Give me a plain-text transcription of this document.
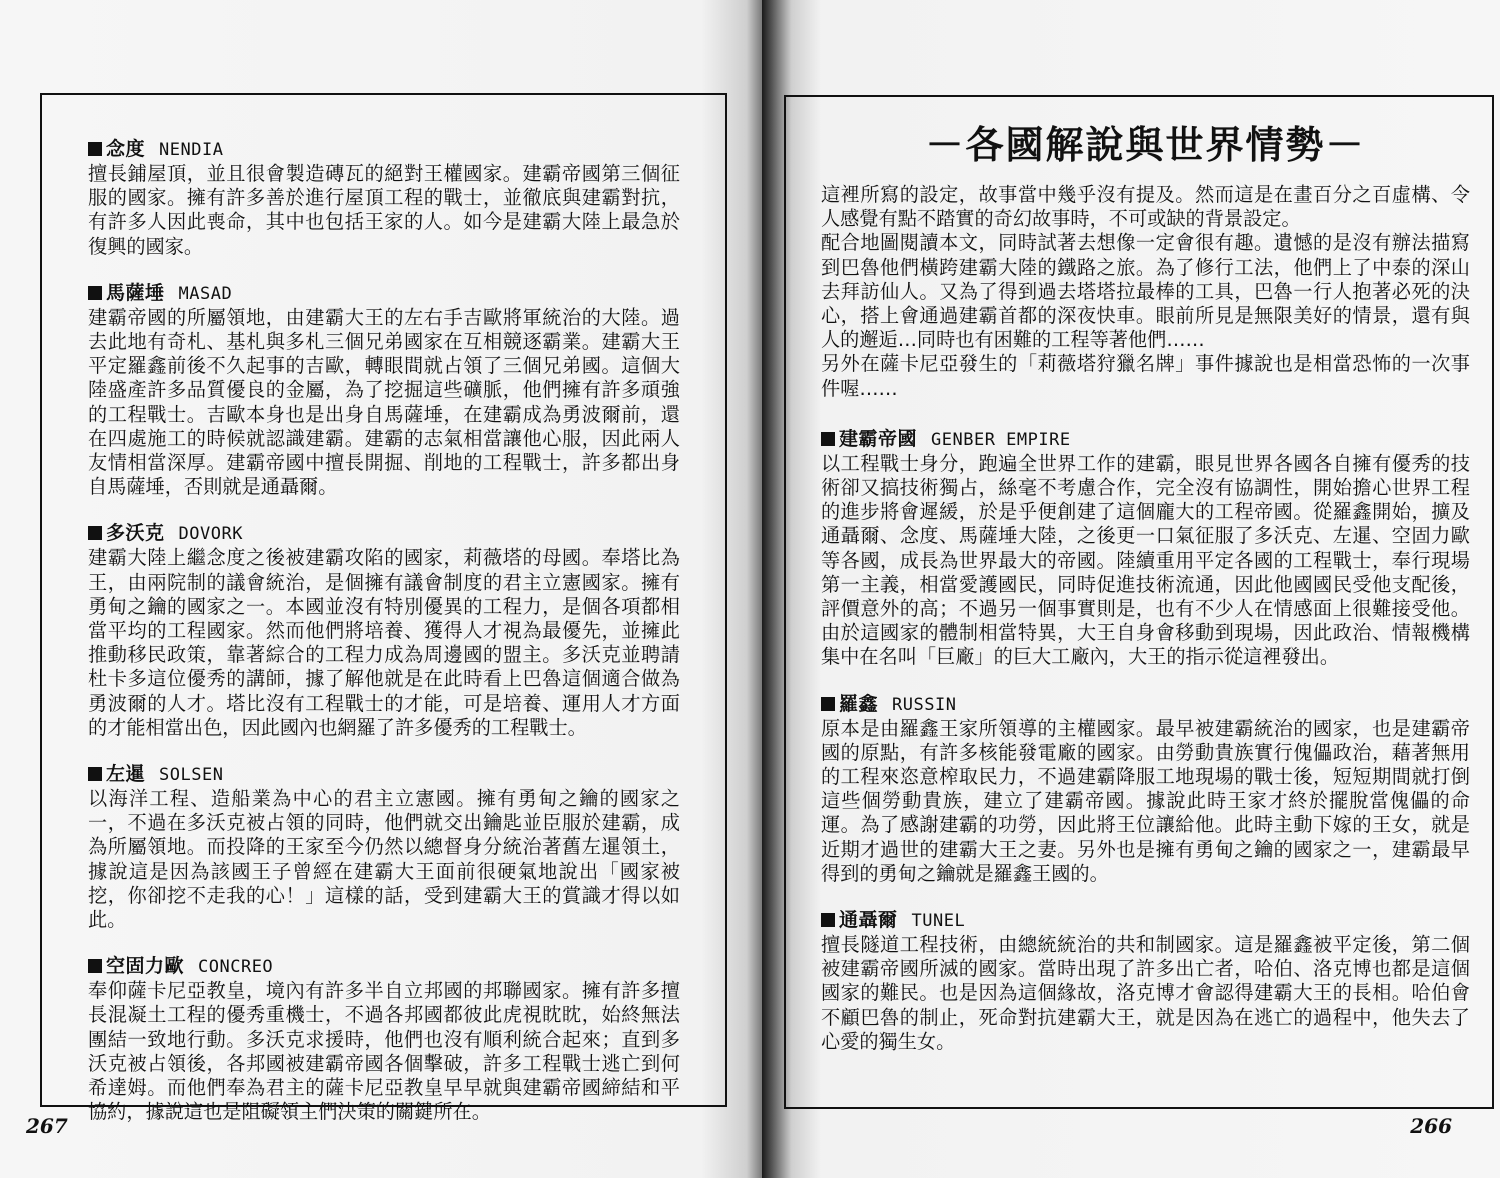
念度 NENDIA
擅長鋪屋頂，並且很會製造磚瓦的絕對王權國家。建霸帝國第三個征服的國家。擁有許多善於進行屋頂工程的戰士，並徹底與建霸對抗，有許多人因此喪命，其中也包括王家的人。如今是建霸大陸上最急於復興的國家。
馬薩埵 MASAD
建霸帝國的所屬領地，由建霸大王的左右手吉歐將軍統治的大陸。過去此地有奇札、基札與多札三個兄弟國家在互相競逐霸業。建霸大王平定羅鑫前後不久起事的吉歐，轉眼間就占領了三個兄弟國。這個大陸盛產許多品質優良的金屬，為了挖掘這些礦脈，他們擁有許多頑強的工程戰士。吉歐本身也是出身自馬薩埵，在建霸成為勇波爾前，還在四處施工的時候就認識建霸。建霸的志氣相當讓他心服，因此兩人友情相當深厚。建霸帝國中擅長開掘、削地的工程戰士，許多都出身自馬薩埵，否則就是通聶爾。
多沃克 DOVORK
建霸大陸上繼念度之後被建霸攻陷的國家，莉薇塔的母國。奉塔比為王，由兩院制的議會統治，是個擁有議會制度的君主立憲國家。擁有勇甸之鑰的國家之一。本國並沒有特別優異的工程力，是個各項都相當平均的工程國家。然而他們將培養、獲得人才視為最優先，並擁此推動移民政策，靠著綜合的工程力成為周邊國的盟主。多沃克並聘請杜卡多這位優秀的講師，據了解他就是在此時看上巴魯這個適合做為勇波爾的人才。塔比沒有工程戰士的才能，可是培養、運用人才方面的才能相當出色，因此國內也網羅了許多優秀的工程戰士。
左暹 SOLSEN
以海洋工程、造船業為中心的君主立憲國。擁有勇甸之鑰的國家之一，不過在多沃克被占領的同時，他們就交出鑰匙並臣服於建霸，成為所屬領地。而投降的王家至今仍然以總督身分統治著舊左暹領土，據說這是因為該國王子曾經在建霸大王面前很硬氣地說出「國家被挖，你卻挖不走我的心！」這樣的話，受到建霸大王的賞識才得以如此。
空固力歐 CONCREO
奉仰薩卡尼亞教皇，境內有許多半自立邦國的邦聯國家。擁有許多擅長混凝土工程的優秀重機士，不過各邦國都彼此虎視眈眈，始終無法團結一致地行動。多沃克求援時，他們也沒有順利統合起來；直到多沃克被占領後，各邦國被建霸帝國各個擊破，許多工程戰士逃亡到何希達姆。而他們奉為君主的薩卡尼亞教皇早早就與建霸帝國締結和平協約，據說這也是阻礙領主們決策的關鍵所在。
267
－各國解說與世界情勢－

這裡所寫的設定，故事當中幾乎沒有提及。然而這是在畫百分之百虛構、令人感覺有點不踏實的奇幻故事時，不可或缺的背景設定。

配合地圖閱讀本文，同時試著去想像一定會很有趣。遺憾的是沒有辦法描寫到巴魯他們橫跨建霸大陸的鐵路之旅。為了修行工法，他們上了中泰的深山去拜訪仙人。又為了得到過去塔塔拉最棒的工具，巴魯一行人抱著必死的決心，搭上會通過建霸首都的深夜快車。眼前所見是無限美好的情景，還有與人的邂逅…同時也有困難的工程等著他們……

另外在薩卡尼亞發生的「莉薇塔狩獵名牌」事件據說也是相當恐怖的一次事件喔……

建霸帝國 GENBER EMPIRE
以工程戰士身分，跑遍全世界工作的建霸，眼見世界各國各自擁有優秀的技術卻又搞技術獨占，絲毫不考慮合作，完全沒有協調性，開始擔心世界工程的進步將會遲緩，於是乎便創建了這個龐大的工程帝國。從羅鑫開始，擴及通聶爾、念度、馬薩埵大陸，之後更一口氣征服了多沃克、左暹、空固力歐等各國，成長為世界最大的帝國。陸續重用平定各國的工程戰士，奉行現場第一主義，相當愛護國民，同時促進技術流通，因此他國國民受他支配後，評價意外的高；不過另一個事實則是，也有不少人在情感面上很難接受他。由於這國家的體制相當特異，大王自身會移動到現場，因此政治、情報機構集中在名叫「巨廠」的巨大工廠內，大王的指示從這裡發出。
羅鑫 RUSSIN
原本是由羅鑫王家所領導的主權國家。最早被建霸統治的國家，也是建霸帝國的原點，有許多核能發電廠的國家。由勞動貴族實行傀儡政治，藉著無用的工程來恣意榨取民力，不過建霸降服工地現場的戰士後，短短期間就打倒這些個勞動貴族，建立了建霸帝國。據說此時王家才終於擺脫當傀儡的命運。為了感謝建霸的功勞，因此將王位讓給他。此時主動下嫁的王女，就是近期才過世的建霸大王之妻。另外也是擁有勇甸之鑰的國家之一，建霸最早得到的勇甸之鑰就是羅鑫王國的。
通聶爾 TUNEL
擅長隧道工程技術，由總統統治的共和制國家。這是羅鑫被平定後，第二個被建霸帝國所滅的國家。當時出現了許多出亡者，哈伯、洛克博也都是這個國家的難民。也是因為這個緣故，洛克博才會認得建霸大王的長相。哈伯會不顧巴魯的制止，死命對抗建霸大王，就是因為在逃亡的過程中，他失去了心愛的獨生女。
266
